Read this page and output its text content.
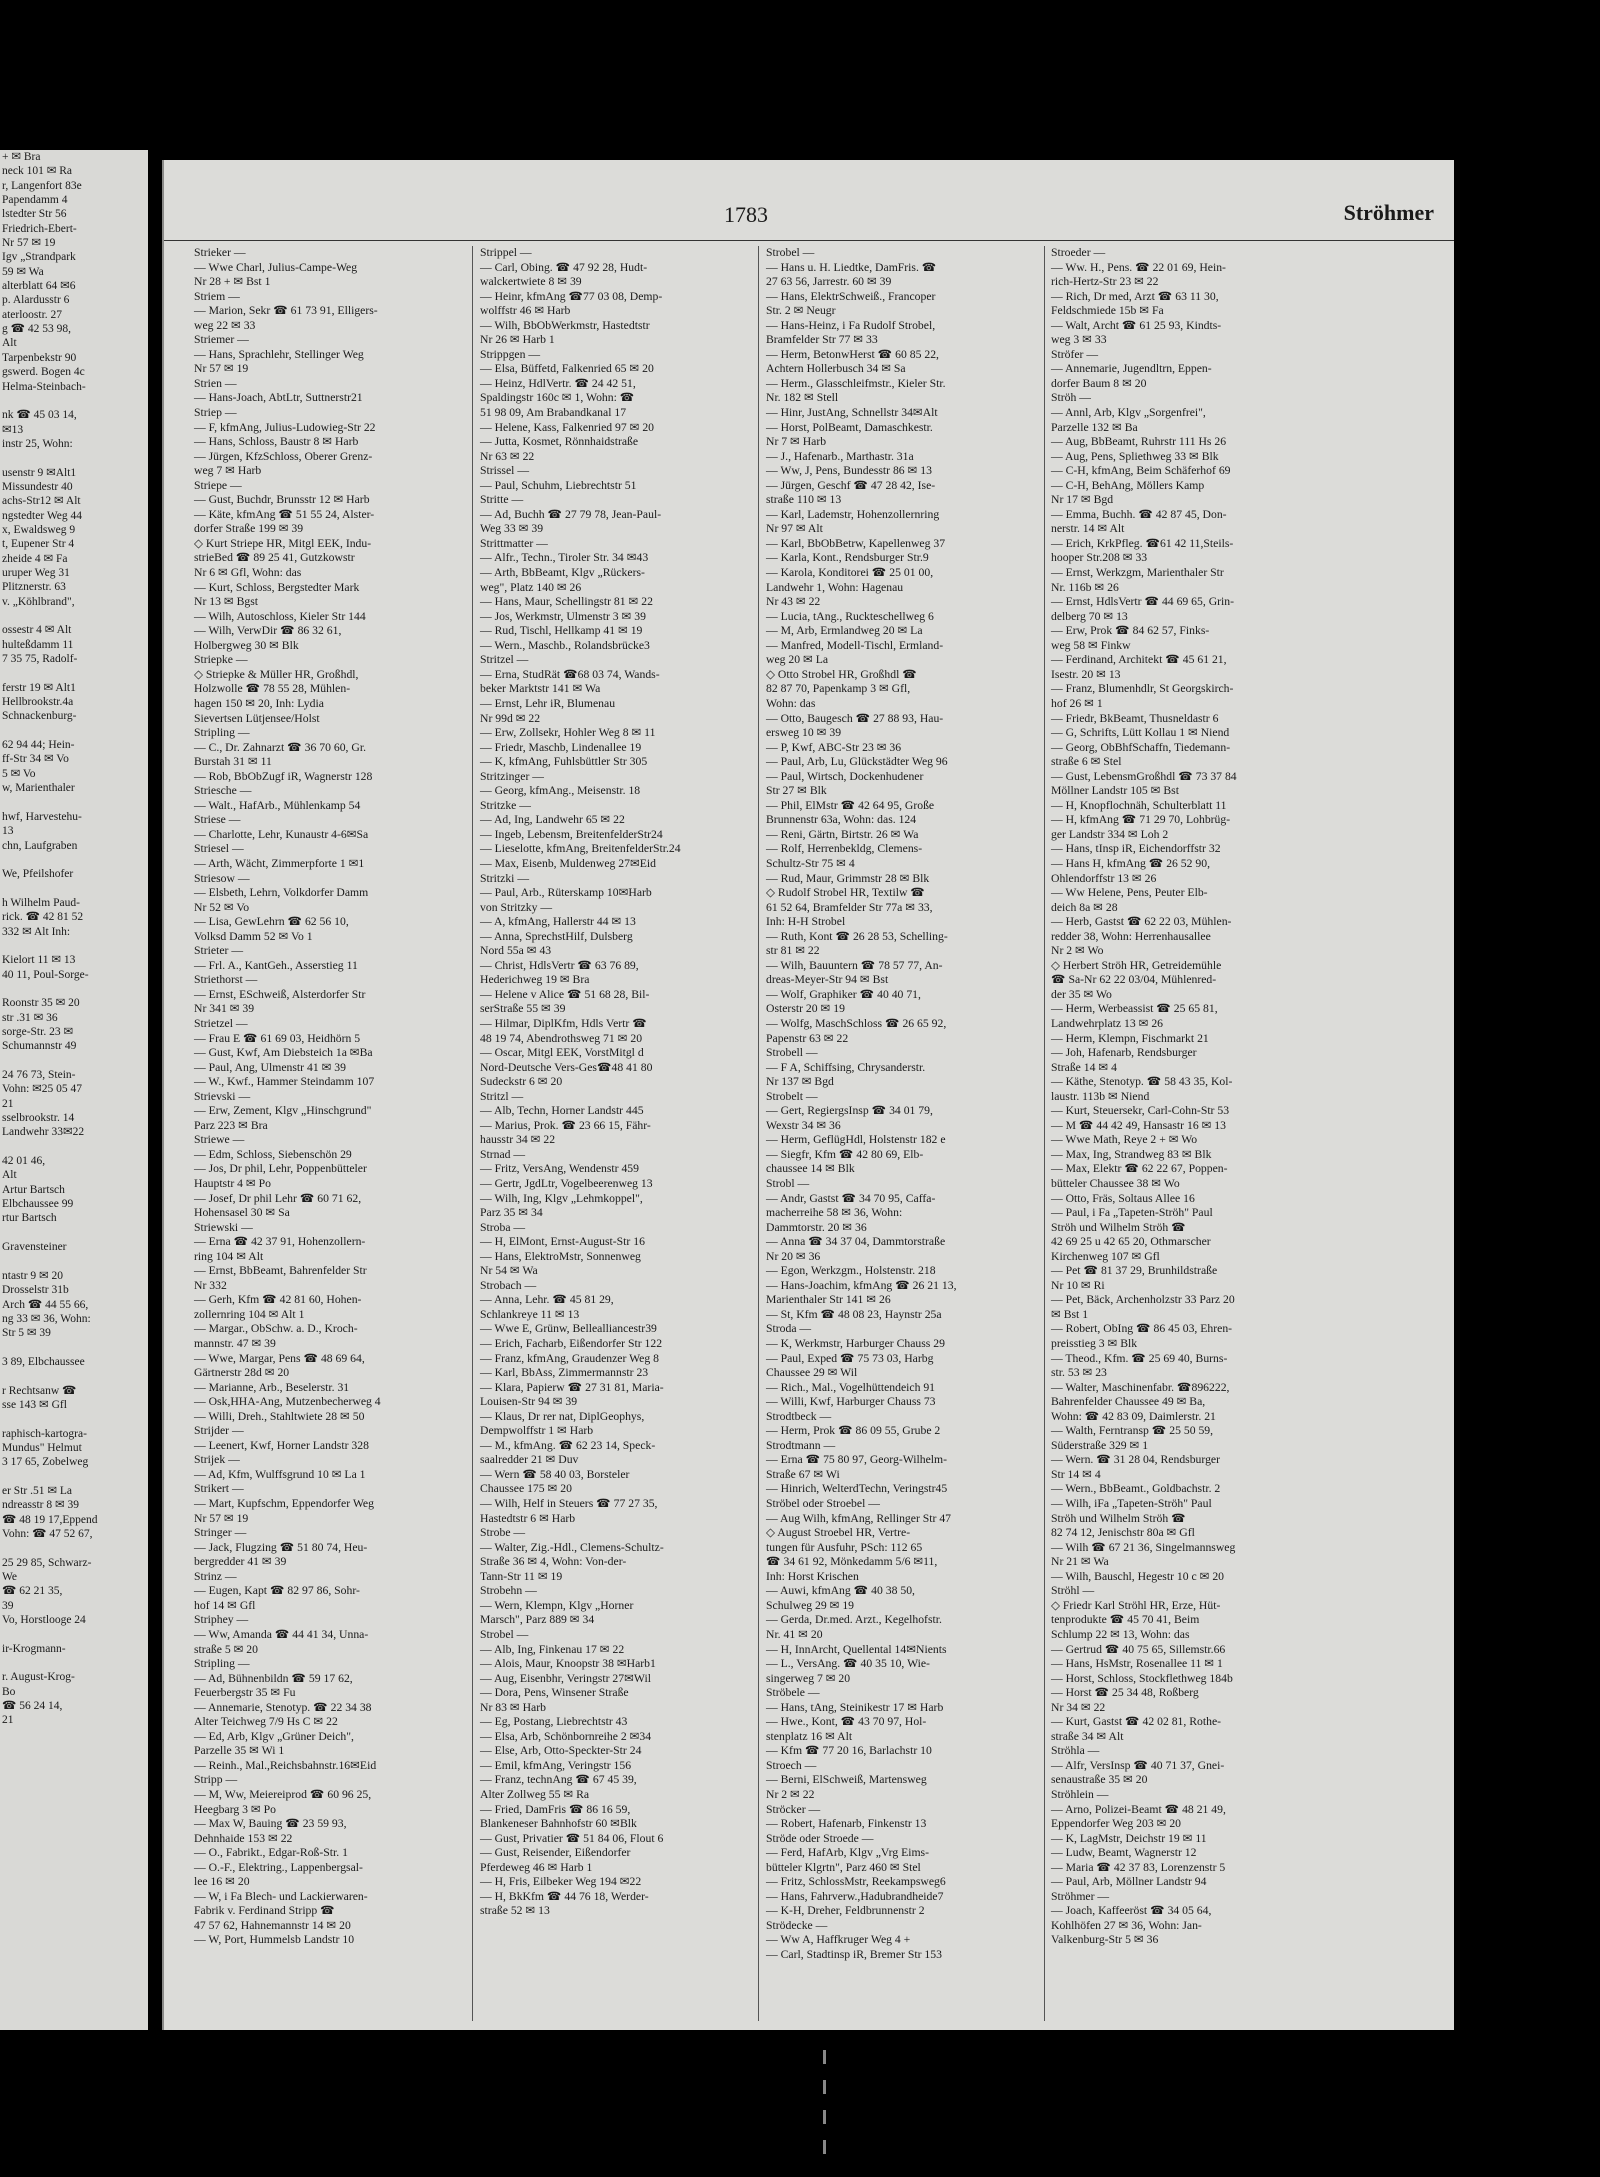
+ ✉ Bra
neck 101 ✉ Ra
r, Langenfort 83e
Papendamm 4
lstedter Str 56
Friedrich-Ebert-
Nr 57 ✉ 19
Igv „Strandpark
59 ✉ Wa
alterblatt 64 ✉6
p. Alardusstr 6
aterloostr. 27
g ☎ 42 53 98,
Alt
Tarpenbekstr 90
gswerd. Bogen 4c
Helma-Steinbach-

nk ☎ 45 03 14,
✉13
instr 25, Wohn:

usenstr 9 ✉Alt1
Missundestr 40
achs-Str12 ✉ Alt
ngstedter Weg 44
x, Ewaldsweg 9
t, Eupener Str 4
zheide 4 ✉ Fa
uruper Weg 31
Plitznerstr. 63
v. „Köhlbrand",

ossestr 4 ✉ Alt
hulteßdamm 11
7 35 75, Radolf-

ferstr 19 ✉ Alt1
Hellbrookstr.4a
Schnackenburg-

62 94 44; Hein-
ff-Str 34 ✉ Vo
5 ✉ Vo
w, Marienthaler

hwf, Harvestehu-
13
chn, Laufgraben

We, Pfeilshofer

h Wilhelm Paud-
rick. ☎ 42 81 52
332 ✉ Alt Inh:

Kielort 11 ✉ 13
40 11, Poul-Sorge-

Roonstr 35 ✉ 20
str .31 ✉ 36
sorge-Str. 23 ✉
Schumannstr 49

24 76 73, Stein-
Vohn: ✉25 05 47
21
sselbrookstr. 14
Landwehr 33✉22

42 01 46,
Alt
Artur Bartsch
Elbchaussee 99
rtur Bartsch

Gravensteiner

ntastr 9 ✉ 20
Drosselstr 31b
Arch ☎ 44 55 66,
ng 33 ✉ 36, Wohn:
Str 5 ✉ 39

3 89, Elbchaussee

r Rechtsanw ☎
sse 143 ✉ Gfl

raphisch-kartogra-
Mundus" Helmut
3 17 65, Zobelweg

er Str .51 ✉ La
ndreasstr 8 ✉ 39
☎ 48 19 17,Eppend
Vohn: ☎ 47 52 67,

25 29 85, Schwarz-
We
☎ 62 21 35,
39
Vo, Horstlooge 24

ir-Krogmann-

r. August-Krog-
Bo
☎ 56 24 14,
21
1783	Ströhmer
Strieker —
— Wwe Charl, Julius-Campe-Weg
Nr 28 + ✉ Bst 1
Striem —
— Marion, Sekr ☎ 61 73 91, Elligers-
weg 22 ✉ 33
Striemer —
— Hans, Sprachlehr, Stellinger Weg
Nr 57 ✉ 19
Strien —
— Hans-Joach, AbtLtr, Suttnerstr21
Striep —
— F, kfmAng, Julius-Ludowieg-Str 22
— Hans, Schloss, Baustr 8 ✉ Harb
— Jürgen, KfzSchloss, Oberer Grenz-
weg 7 ✉ Harb
Striepe —
— Gust, Buchdr, Brunsstr 12 ✉ Harb
— Käte, kfmAng ☎ 51 55 24, Alster-
dorfer Straße 199 ✉ 39
◇ Kurt Striepe HR, Mitgl EEK, Indu-
strieBed ☎ 89 25 41, Gutzkowstr
Nr 6 ✉ Gfl, Wohn: das
— Kurt, Schloss, Bergstedter Mark
Nr 13 ✉ Bgst
— Wilh, Autoschloss, Kieler Str 144
— Wilh, VerwDir ☎ 86 32 61,
Holbergweg 30 ✉ Blk
Striepke —
◇ Striepke & Müller HR, Großhdl,
Holzwolle ☎ 78 55 28, Mühlen-
hagen 150 ✉ 20, Inh: Lydia
Sievertsen Lütjensee/Holst
Stripling —
— C., Dr. Zahnarzt ☎ 36 70 60, Gr.
Burstah 31 ✉ 11
— Rob, BbObZugf iR, Wagnerstr 128
Striesche —
— Walt., HafArb., Mühlenkamp 54
Striese —
— Charlotte, Lehr, Kunaustr 4-6✉Sa
Striesel —
— Arth, Wächt, Zimmerpforte 1 ✉1
Striesow —
— Elsbeth, Lehrn, Volkdorfer Damm
Nr 52 ✉ Vo
— Lisa, GewLehrn ☎ 62 56 10,
Volksd Damm 52 ✉ Vo 1
Strieter —
— Frl. A., KantGeh., Asserstieg 11
Striethorst —
— Ernst, ESchweiß, Alsterdorfer Str
Nr 341 ✉ 39
Strietzel —
— Frau E ☎ 61 69 03, Heidhörn 5
— Gust, Kwf, Am Diebsteich 1a ✉Ba
— Paul, Ang, Ulmenstr 41 ✉ 39
— W., Kwf., Hammer Steindamm 107
Strievski —
— Erw, Zement, Klgv „Hinschgrund"
Parz 223 ✉ Bra
Striewe —
— Edm, Schloss, Siebenschön 29
— Jos, Dr phil, Lehr, Poppenbütteler
Hauptstr 4 ✉ Po
— Josef, Dr phil Lehr ☎ 60 71 62,
Hohensasel 30 ✉ Sa
Striewski —
— Erna ☎ 42 37 91, Hohenzollern-
ring 104 ✉ Alt
— Ernst, BbBeamt, Bahrenfelder Str
Nr 332
— Gerh, Kfm ☎ 42 81 60, Hohen-
zollernring 104 ✉ Alt 1
— Margar., ObSchw. a. D., Kroch-
mannstr. 47 ✉ 39
— Wwe, Margar, Pens ☎ 48 69 64,
Gärtnerstr 28d ✉ 20
— Marianne, Arb., Beselerstr. 31
— Osk,HHA-Ang, Mutzenbecherweg 4
— Willi, Dreh., Stahltwiete 28 ✉ 50
Strijder —
— Leenert, Kwf, Horner Landstr 328
Strijek —
— Ad, Kfm, Wulffsgrund 10 ✉ La 1
Strikert —
— Mart, Kupfschm, Eppendorfer Weg
Nr 57 ✉ 19
Stringer —
— Jack, Flugzing ☎ 51 80 74, Heu-
bergredder 41 ✉ 39
Strinz —
— Eugen, Kapt ☎ 82 97 86, Sohr-
hof 14 ✉ Gfl
Striphey —
— Ww, Amanda ☎ 44 41 34, Unna-
straße 5 ✉ 20
Stripling —
— Ad, Bühnenbildn ☎ 59 17 62,
Feuerbergstr 35 ✉ Fu
— Annemarie, Stenotyp. ☎ 22 34 38
Alter Teichweg 7/9 Hs C ✉ 22
— Ed, Arb, Klgv „Grüner Deich",
Parzelle 35 ✉ Wi 1
— Reinh., Mal.,Reichsbahnstr.16✉Eid
Stripp —
— M, Ww, Meiereiprod ☎ 60 96 25,
Heegbarg 3 ✉ Po
— Max W, Bauing ☎ 23 59 93,
Dehnhaide 153 ✉ 22
— O., Fabrikt., Edgar-Roß-Str. 1
— O.-F., Elektring., Lappenbergsal-
lee 16 ✉ 20
— W, i Fa Blech- und Lackierwaren-
Fabrik v. Ferdinand Stripp ☎
47 57 62, Hahnemannstr 14 ✉ 20
— W, Port, Hummelsb Landstr 10
Strippel —
— Carl, Obing. ☎ 47 92 28, Hudt-
walckertwiete 8 ✉ 39
— Heinr, kfmAng ☎77 03 08, Demp-
wolffstr 46 ✉ Harb
— Wilh, BbObWerkmstr, Hastedtstr
Nr 26 ✉ Harb 1
Strippgen —
— Elsa, Büffetd, Falkenried 65 ✉ 20
— Heinz, HdlVertr. ☎ 24 42 51,
Spaldingstr 160c ✉ 1, Wohn: ☎
51 98 09, Am Brabandkanal 17
— Helene, Kass, Falkenried 97 ✉ 20
— Jutta, Kosmet, Rönnhaidstraße
Nr 63 ✉ 22
Strissel —
— Paul, Schuhm, Liebrechtstr 51
Stritte —
— Ad, Buchh ☎ 27 79 78, Jean-Paul-
Weg 33 ✉ 39
Strittmatter —
— Alfr., Techn., Tiroler Str. 34 ✉43
— Arth, BbBeamt, Klgv „Rückers-
weg", Platz 140 ✉ 26
— Hans, Maur, Schellingstr 81 ✉ 22
— Jos, Werkmstr, Ulmenstr 3 ✉ 39
— Rud, Tischl, Hellkamp 41 ✉ 19
— Wern., Maschb., Rolandsbrücke3
Stritzel —
— Erna, StudRät ☎68 03 74, Wands-
beker Marktstr 141 ✉ Wa
— Ernst, Lehr iR, Blumenau
Nr 99d ✉ 22
— Erw, Zollsekr, Hohler Weg 8 ✉ 11
— Friedr, Maschb, Lindenallee 19
— K, kfmAng, Fuhlsbüttler Str 305
Stritzinger —
— Georg, kfmAng., Meisenstr. 18
Stritzke —
— Ad, Ing, Landwehr 65 ✉ 22
— Ingeb, Lebensm, BreitenfelderStr24
— Lieselotte, kfmAng, BreitenfelderStr.24
— Max, Eisenb, Muldenweg 27✉Eid
Stritzki —
— Paul, Arb., Rüterskamp 10✉Harb
von Stritzky —
— A, kfmAng, Hallerstr 44 ✉ 13
— Anna, SprechstHilf, Dulsberg
Nord 55a ✉ 43
— Christ, HdlsVertr ☎ 63 76 89,
Hederichweg 19 ✉ Bra
— Helene v Alice ☎ 51 68 28, Bil-
serStraße 55 ✉ 39
— Hilmar, DiplKfm, Hdls Vertr ☎
48 19 74, Abendrothsweg 71 ✉ 20
— Oscar, Mitgl EEK, VorstMitgl d
Nord-Deutsche Vers-Ges☎48 41 80
Sudeckstr 6 ✉ 20
Stritzl —
— Alb, Techn, Horner Landstr 445
— Marius, Prok. ☎ 23 66 15, Fähr-
hausstr 34 ✉ 22
Strnad —
— Fritz, VersAng, Wendenstr 459
— Gertr, JgdLtr, Vogelbeerenweg 13
— Wilh, Ing, Klgv „Lehmkoppel",
Parz 35 ✉ 34
Stroba —
— H, ElMont, Ernst-August-Str 16
— Hans, ElektroMstr, Sonnenweg
Nr 54 ✉ Wa
Strobach —
— Anna, Lehr. ☎ 45 81 29,
Schlankreye 11 ✉ 13
— Wwe E, Grünw, Bellealliancestr39
— Erich, Facharb, Eißendorfer Str 122
— Franz, kfmAng, Graudenzer Weg 8
— Karl, BbAss, Zimmermannstr 23
— Klara, Papierw ☎ 27 31 81, Maria-
Louisen-Str 94 ✉ 39
— Klaus, Dr rer nat, DiplGeophys,
Dempwolffstr 1 ✉ Harb
— M., kfmAng. ☎ 62 23 14, Speck-
saalredder 21 ✉ Duv
— Wern ☎ 58 40 03, Borsteler
Chaussee 175 ✉ 20
— Wilh, Helf in Steuers ☎ 77 27 35,
Hastedtstr 6 ✉ Harb
Strobe —
— Walter, Zig.-Hdl., Clemens-Schultz-
Straße 36 ✉ 4, Wohn: Von-der-
Tann-Str 11 ✉ 19
Strobehn —
— Wern, Klempn, Klgv „Horner
Marsch", Parz 889 ✉ 34
Strobel —
— Alb, Ing, Finkenau 17 ✉ 22
— Alois, Maur, Knoopstr 38 ✉Harb1
— Aug, Eisenbhr, Veringstr 27✉Wil
— Dora, Pens, Winsener Straße
Nr 83 ✉ Harb
— Eg, Postang, Liebrechtstr 43
— Elsa, Arb, Schönbornreihe 2 ✉34
— Else, Arb, Otto-Speckter-Str 24
— Emil, kfmAng, Veringstr 156
— Franz, technAng ☎ 67 45 39,
Alter Zollweg 55 ✉ Ra
— Fried, DamFris ☎ 86 16 59,
Blankeneser Bahnhofstr 60 ✉Blk
— Gust, Privatier ☎ 51 84 06, Flout 6
— Gust, Reisender, Eißendorfer
Pferdeweg 46 ✉ Harb 1
— H, Fris, Eilbeker Weg 194 ✉22
— H, BkKfm ☎ 44 76 18, Werder-
straße 52 ✉ 13
Strobel —
— Hans u. H. Liedtke, DamFris. ☎
27 63 56, Jarrestr. 60 ✉ 39
— Hans, ElektrSchweiß., Francoper
Str. 2 ✉ Neugr
— Hans-Heinz, i Fa Rudolf Strobel,
Bramfelder Str 77 ✉ 33
— Herm, BetonwHerst ☎ 60 85 22,
Achtern Hollerbusch 34 ✉ Sa
— Herm., Glasschleifmstr., Kieler Str.
Nr. 182 ✉ Stell
— Hinr, JustAng, Schnellstr 34✉Alt
— Horst, PolBeamt, Damaschkestr.
Nr 7 ✉ Harb
— J., Hafenarb., Marthastr. 31a
— Ww, J, Pens, Bundesstr 86 ✉ 13
— Jürgen, Geschf ☎ 47 28 42, Ise-
straße 110 ✉ 13
— Karl, Lademstr, Hohenzollernring
Nr 97 ✉ Alt
— Karl, BbObBetrw, Kapellenweg 37
— Karla, Kont., Rendsburger Str.9
— Karola, Konditorei ☎ 25 01 00,
Landwehr 1, Wohn: Hagenau
Nr 43 ✉ 22
— Lucia, tAng., Ruckteschellweg 6
— M, Arb, Ermlandweg 20 ✉ La
— Manfred, Modell-Tischl, Ermland-
weg 20 ✉ La
◇ Otto Strobel HR, Großhdl ☎
82 87 70, Papenkamp 3 ✉ Gfl,
Wohn: das
— Otto, Baugesch ☎ 27 88 93, Hau-
ersweg 10 ✉ 39
— P, Kwf, ABC-Str 23 ✉ 36
— Paul, Arb, Lu, Glückstädter Weg 96
— Paul, Wirtsch, Dockenhudener
Str 27 ✉ Blk
— Phil, ElMstr ☎ 42 64 95, Große
Brunnenstr 63a, Wohn: das. 124
— Reni, Gärtn, Birtstr. 26 ✉ Wa
— Rolf, Herrenbekldg, Clemens-
Schultz-Str 75 ✉ 4
— Rud, Maur, Grimmstr 28 ✉ Blk
◇ Rudolf Strobel HR, Textilw ☎
61 52 64, Bramfelder Str 77a ✉ 33,
Inh: H-H Strobel
— Ruth, Kont ☎ 26 28 53, Schelling-
str 81 ✉ 22
— Wilh, Bauuntern ☎ 78 57 77, An-
dreas-Meyer-Str 94 ✉ Bst
— Wolf, Graphiker ☎ 40 40 71,
Osterstr 20 ✉ 19
— Wolfg, MaschSchloss ☎ 26 65 92,
Papenstr 63 ✉ 22
Strobell —
— F A, Schiffsing, Chrysanderstr.
Nr 137 ✉ Bgd
Strobelt —
— Gert, RegiergsInsp ☎ 34 01 79,
Wexstr 34 ✉ 36
— Herm, GeflügHdl, Holstenstr 182 e
— Siegfr, Kfm ☎ 42 80 69, Elb-
chaussee 14 ✉ Blk
Strobl —
— Andr, Gastst ☎ 34 70 95, Caffa-
macherreihe 58 ✉ 36, Wohn:
Dammtorstr. 20 ✉ 36
— Anna ☎ 34 37 04, Dammtorstraße
Nr 20 ✉ 36
— Egon, Werkzgm., Holstenstr. 218
— Hans-Joachim, kfmAng ☎ 26 21 13,
Marienthaler Str 141 ✉ 26
— St, Kfm ☎ 48 08 23, Haynstr 25a
Stroda —
— K, Werkmstr, Harburger Chauss 29
— Paul, Exped ☎ 75 73 03, Harbg
Chaussee 29 ✉ Wil
— Rich., Mal., Vogelhüttendeich 91
— Willi, Kwf, Harburger Chauss 73
Strodtbeck —
— Herm, Prok ☎ 86 09 55, Grube 2
Strodtmann —
— Erna ☎ 75 80 97, Georg-Wilhelm-
Straße 67 ✉ Wi
— Hinrich, WelterdTechn, Veringstr45
Ströbel oder Stroebel —
— Aug Wilh, kfmAng, Rellinger Str 47
◇ August Stroebel HR, Vertre-
tungen für Ausfuhr, PSch: 112 65
☎ 34 61 92, Mönkedamm 5/6 ✉11,
Inh: Horst Krischen
— Auwi, kfmAng ☎ 40 38 50,
Schulweg 29 ✉ 19
— Gerda, Dr.med. Arzt., Kegelhofstr.
Nr. 41 ✉ 20
— H, InnArcht, Quellental 14✉Nients
— L., VersAng. ☎ 40 35 10, Wie-
singerweg 7 ✉ 20
Ströbele —
— Hans, tAng, Steinikestr 17 ✉ Harb
— Hwe., Kont, ☎ 43 70 97, Hol-
stenplatz 16 ✉ Alt
— Kfm ☎ 77 20 16, Barlachstr 10
Stroech —
— Berni, ElSchweiß, Martensweg
Nr 2 ✉ 22
Ströcker —
— Robert, Hafenarb, Finkenstr 13
Ströde oder Stroede —
— Ferd, HafArb, Klgv „Vrg Eims-
bütteler Klgrtn", Parz 460 ✉ Stel
— Fritz, SchlossMstr, Reekampsweg6
— Hans, Fahrverw.,Hadubrandheide7
— K-H, Dreher, Feldbrunnenstr 2
Strödecke —
— Ww A, Haffkruger Weg 4 +
— Carl, Stadtinsp iR, Bremer Str 153
Stroeder —
— Ww. H., Pens. ☎ 22 01 69, Hein-
rich-Hertz-Str 23 ✉ 22
— Rich, Dr med, Arzt ☎ 63 11 30,
Feldschmiede 15b ✉ Fa
— Walt, Archt ☎ 61 25 93, Kindts-
weg 3 ✉ 33
Ströfer —
— Annemarie, Jugendltrn, Eppen-
dorfer Baum 8 ✉ 20
Ströh —
— Annl, Arb, Klgv „Sorgenfrei",
Parzelle 132 ✉ Ba
— Aug, BbBeamt, Ruhrstr 111 Hs 26
— Aug, Pens, Spliethweg 33 ✉ Blk
— C-H, kfmAng, Beim Schäferhof 69
— C-H, BehAng, Möllers Kamp
Nr 17 ✉ Bgd
— Emma, Buchh. ☎ 42 87 45, Don-
nerstr. 14 ✉ Alt
— Erich, KrkPfleg. ☎61 42 11,Steils-
hooper Str.208 ✉ 33
— Ernst, Werkzgm, Marienthaler Str
Nr. 116b ✉ 26
— Ernst, HdlsVertr ☎ 44 69 65, Grin-
delberg 70 ✉ 13
— Erw, Prok ☎ 84 62 57, Finks-
weg 58 ✉ Finkw
— Ferdinand, Architekt ☎ 45 61 21,
Isestr. 20 ✉ 13
— Franz, Blumenhdlr, St Georgskirch-
hof 26 ✉ 1
— Friedr, BkBeamt, Thusneldastr 6
— G, Schrifts, Lütt Kollau 1 ✉ Niend
— Georg, ObBhfSchaffn, Tiedemann-
straße 6 ✉ Stel
— Gust, LebensmGroßhdl ☎ 73 37 84
Möllner Landstr 105 ✉ Bst
— H, Knopflochnäh, Schulterblatt 11
— H, kfmAng ☎ 71 29 70, Lohbrüg-
ger Landstr 334 ✉ Loh 2
— Hans, tInsp iR, Eichendorffstr 32
— Hans H, kfmAng ☎ 26 52 90,
Ohlendorffstr 13 ✉ 26
— Ww Helene, Pens, Peuter Elb-
deich 8a ✉ 28
— Herb, Gastst ☎ 62 22 03, Mühlen-
redder 38, Wohn: Herrenhausallee
Nr 2 ✉ Wo
◇ Herbert Ströh HR, Getreidemühle
☎ Sa-Nr 62 22 03/04, Mühlenred-
der 35 ✉ Wo
— Herm, Werbeassist ☎ 25 65 81,
Landwehrplatz 13 ✉ 26
— Herm, Klempn, Fischmarkt 21
— Joh, Hafenarb, Rendsburger
Straße 14 ✉ 4
— Käthe, Stenotyp. ☎ 58 43 35, Kol-
laustr. 113b ✉ Niend
— Kurt, Steuersekr, Carl-Cohn-Str 53
— M ☎ 44 42 49, Hansastr 16 ✉ 13
— Wwe Math, Reye 2 + ✉ Wo
— Max, Ing, Strandweg 83 ✉ Blk
— Max, Elektr ☎ 62 22 67, Poppen-
bütteler Chaussee 38 ✉ Wo
— Otto, Fräs, Soltaus Allee 16
— Paul, i Fa „Tapeten-Ströh" Paul
Ströh und Wilhelm Ströh ☎
42 69 25 u 42 65 20, Othmarscher
Kirchenweg 107 ✉ Gfl
— Pet ☎ 81 37 29, Brunhildstraße
Nr 10 ✉ Ri
— Pet, Bäck, Archenholzstr 33 Parz 20
✉ Bst 1
— Robert, ObIng ☎ 86 45 03, Ehren-
preisstieg 3 ✉ Blk
— Theod., Kfm. ☎ 25 69 40, Burns-
str. 53 ✉ 23
— Walter, Maschinenfabr. ☎896222,
Bahrenfelder Chaussee 49 ✉ Ba,
Wohn: ☎ 42 83 09, Daimlerstr. 21
— Walth, Ferntransp ☎ 25 50 59,
Süderstraße 329 ✉ 1
— Wern. ☎ 31 28 04, Rendsburger
Str 14 ✉ 4
— Wern., BbBeamt., Goldbachstr. 2
— Wilh, iFa „Tapeten-Ströh" Paul
Ströh und Wilhelm Ströh ☎
82 74 12, Jenischstr 80a ✉ Gfl
— Wilh ☎ 67 21 36, Singelmannsweg
Nr 21 ✉ Wa
— Wilh, Bauschl, Hegestr 10 c ✉ 20
Ströhl —
◇ Friedr Karl Ströhl HR, Erze, Hüt-
tenprodukte ☎ 45 70 41, Beim
Schlump 22 ✉ 13, Wohn: das
— Gertrud ☎ 40 75 65, Sillemstr.66
— Hans, HsMstr, Rosenallee 11 ✉ 1
— Horst, Schloss, Stockflethweg 184b
— Horst ☎ 25 34 48, Roßberg
Nr 34 ✉ 22
— Kurt, Gastst ☎ 42 02 81, Rothe-
straße 34 ✉ Alt
Ströhla —
— Alfr, VersInsp ☎ 40 71 37, Gnei-
senaustraße 35 ✉ 20
Ströhlein —
— Arno, Polizei-Beamt ☎ 48 21 49,
Eppendorfer Weg 203 ✉ 20
— K, LagMstr, Deichstr 19 ✉ 11
— Ludw, Beamt, Wagnerstr 12
— Maria ☎ 42 37 83, Lorenzenstr 5
— Paul, Arb, Möllner Landstr 94
Ströhmer —
— Joach, Kaffeeröst ☎ 34 05 64,
Kohlhöfen 27 ✉ 36, Wohn: Jan-
Valkenburg-Str 5 ✉ 36
